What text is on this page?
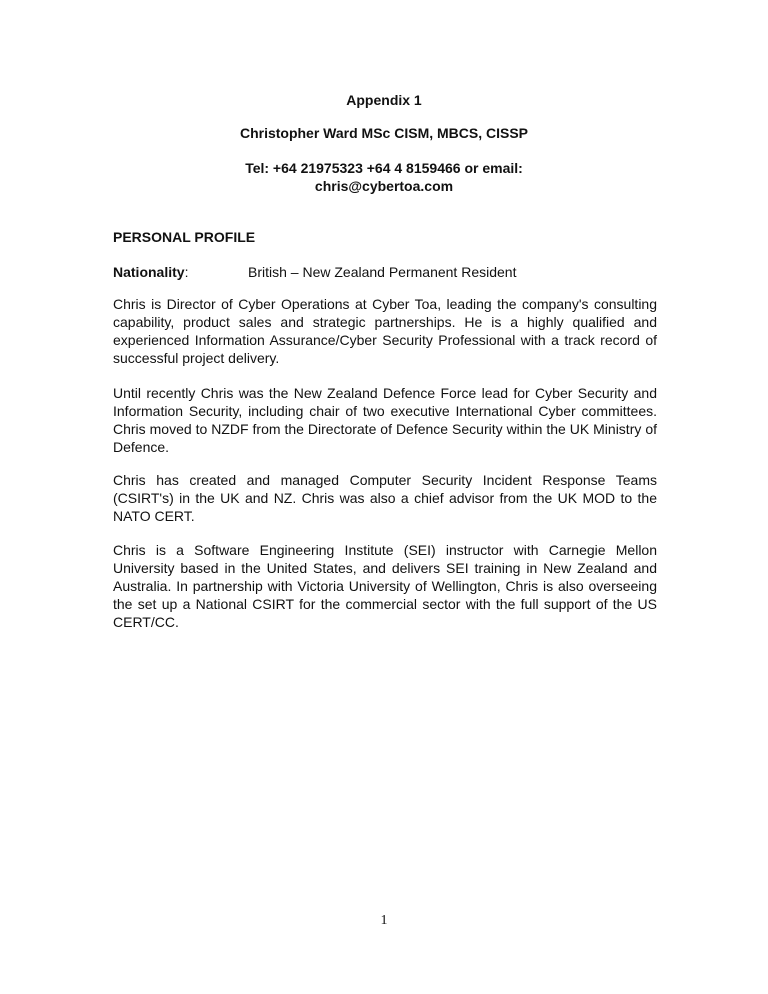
Appendix 1
Christopher Ward MSc CISM, MBCS, CISSP
Tel: +64 21975323 +64 4 8159466 or email:
chris@cybertoa.com
PERSONAL PROFILE
Nationality:	British – New Zealand Permanent Resident

Chris is Director of Cyber Operations at Cyber Toa, leading the company's consulting capability, product sales and strategic partnerships. He is a highly qualified and experienced Information Assurance/Cyber Security Professional with a track record of successful project delivery.

Until recently Chris was the New Zealand Defence Force lead for Cyber Security and Information Security, including chair of two executive International Cyber committees. Chris moved to NZDF from the Directorate of Defence Security within the UK Ministry of Defence.

Chris has created and managed Computer Security Incident Response Teams (CSIRT's) in the UK and NZ. Chris was also a chief advisor from the UK MOD to the NATO CERT.

Chris is a Software Engineering Institute (SEI) instructor with Carnegie Mellon University based in the United States, and delivers SEI training in New Zealand and Australia. In partnership with Victoria University of Wellington, Chris is also overseeing the set up a National CSIRT for the commercial sector with the full support of the US CERT/CC.

1
